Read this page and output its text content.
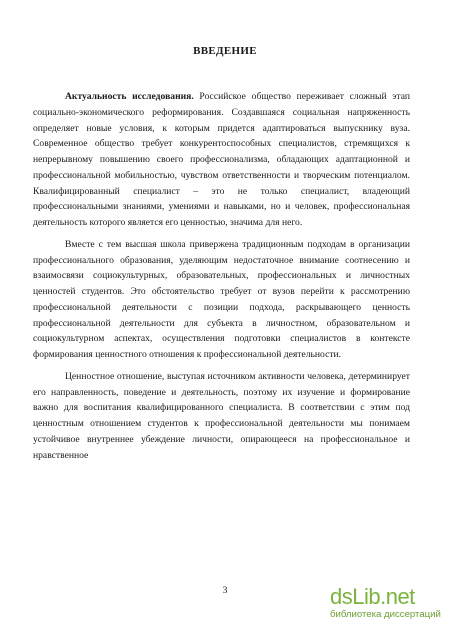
ВВЕДЕНИЕ

Актуальность исследования. Российское общество переживает сложный этап социально-экономического реформирования. Создавшаяся социальная напряженность определяет новые условия, к которым придется адаптироваться выпускнику вуза. Современное общество требует конкурентоспособных специалистов, стремящихся к непрерывному повышению своего профессионализма, обладающих адаптационной и профессиональной мобильностью, чувством ответственности и творческим потенциалом. Квалифицированный специалист – это не только специалист, владеющий профессиональными знаниями, умениями и навыками, но и человек, профессиональная деятельность которого является его ценностью, значима для него.

Вместе с тем высшая школа привержена традиционным подходам в организации профессионального образования, уделяющим недостаточное внимание соотнесению и взаимосвязи социокультурных, образовательных, профессиональных и личностных ценностей студентов. Это обстоятельство требует от вузов перейти к рассмотрению профессиональной деятельности с позиции подхода, раскрывающего ценность профессиональной деятельности для субъекта в личностном, образовательном и социокультурном аспектах, осуществления подготовки специалистов в контексте формирования ценностного отношения к профессиональной деятельности.

Ценностное отношение, выступая источником активности человека, детерминирует его направленность, поведение и деятельность, поэтому их изучение и формирование важно для воспитания квалифицированного специалиста. В соответствии с этим под ценностным отношением студентов к профессиональной деятельности мы понимаем устойчивое внутреннее убеждение личности, опирающееся на профессиональное и нравственное

3	dsLib.net
библиотека диссертаций
